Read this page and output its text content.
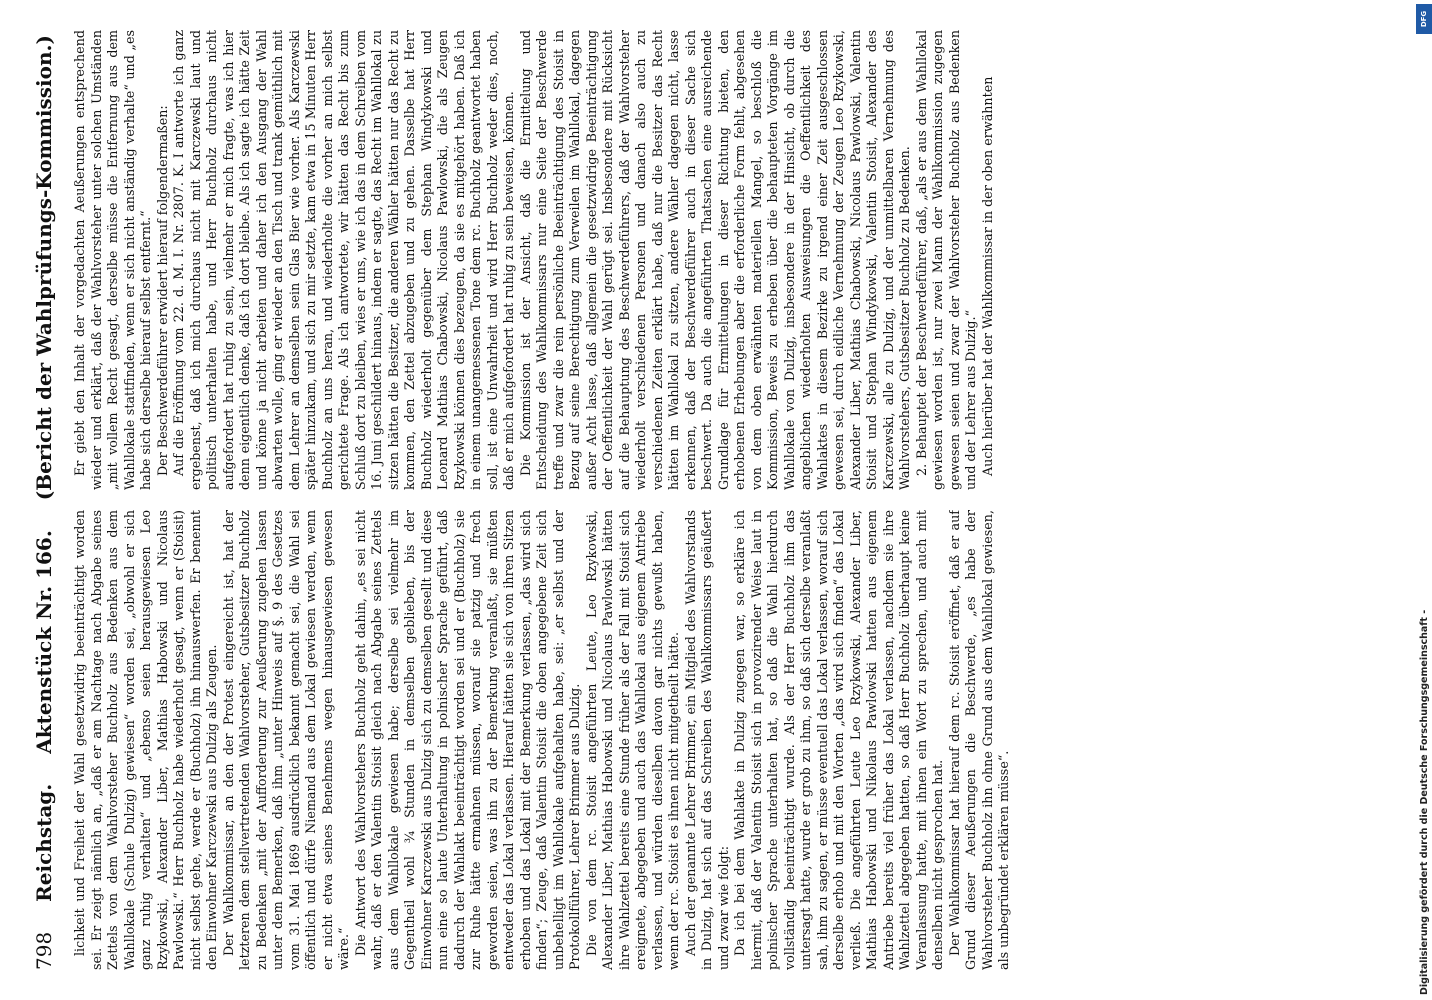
798
Reichstag.
Aktenstück Nr. 166.
(Bericht der Wahlprüfungs-Kommission.)

lichkeit und Freiheit der Wahl gesetzwidrig beeinträchtigt worden sei. Er zeigt nämlich an, „daß er am Nachtage nach Abgabe seines Zettels von dem Wahlvorsteher Buchholz aus Bedenken aus dem Wahllokale (Schule Dulzig) gewiesen“ worden sei, „obwohl er sich ganz ruhig verhalten“ und „ebenso seien herausgewiesen Leo Rzykowski, Alexander Liber, Mathias Habowski und Nicolaus Pawlowski.“ Herr Buchholz habe wiederholt gesagt, wenn er (Stoisit) nicht selbst gehe, werde er (Buchholz) ihn hinauswerfen. Er benennt den Einwohner Karczewski aus Dulzig als Zeugen. Der Wahlkommissar, an den der Protest eingereicht ist, hat der letzteren dem stellvertretenden Wahlvorsteher, Gutsbesitzer Buchholz zu Bedenken „mit der Aufforderung zur Aeußerung zugehen lassen unter dem Bemerken, daß ihm „unter Hinweis auf §. 9 des Gesetzes vom 31. Mai 1869 ausdrücklich bekannt gemacht sei, die Wahl sei öffentlich und dürfe Niemand aus dem Lokal gewiesen werden, wenn er nicht etwa seines Benehmens wegen hinausgewiesen gewesen wäre.“ Die Antwort des Wahlvorstehers Buchholz geht dahin, „es sei nicht wahr, daß er den Valentin Stoisit gleich nach Abgabe seines Zettels aus dem Wahllokale gewiesen habe; derselbe sei vielmehr im Gegentheil wohl ¾ Stunden in demselben geblieben, bis der Einwohner Karczewski aus Dulzig sich zu demselben gesellt und diese nun eine so laute Unterhaltung in polnischer Sprache geführt, daß dadurch der Wahlakt beeinträchtigt worden sei und er (Buchholz) sie zur Ruhe hätte ermahnen müssen, worauf sie patzig und frech geworden seien, was ihn zu der Bemerkung veranlaßt, sie müßten entweder das Lokal verlassen. Hierauf hätten sie sich von ihren Sitzen erhoben und das Lokal mit der Bemerkung verlassen, „das wird sich finden“; Zeuge, daß Valentin Stoisit die oben angegebene Zeit sich unbehelligt im Wahllokale aufgehalten habe, sei: „er selbst und der Protokollführer, Lehrer Brimmer aus Dulzig. Die von dem rc. Stoisit angeführten Leute, Leo Rzykowski, Alexander Liber, Mathias Habowski und Nicolaus Pawlowski hätten ihre Wahlzettel bereits eine Stunde früher als der Fall mit Stoisit sich ereignete, abgegeben und auch das Wahllokal aus eigenem Antriebe verlassen, und würden dieselben davon gar nichts gewußt haben, wenn der rc. Stoisit es ihnen nicht mitgetheilt hätte. Auch der genannte Lehrer Brimmer, ein Mitglied des Wahlvorstands in Dulzig, hat sich auf das Schreiben des Wahlkommissars geäußert und zwar wie folgt: Da ich bei dem Wahlakte in Dulzig zugegen war, so erkläre ich hiermit, daß der Valentin Stoisit sich in provozirender Weise laut in polnischer Sprache unterhalten hat, so daß die Wahl hierdurch vollständig beeinträchtigt wurde. Als der Herr Buchholz ihm das untersagt hatte, wurde er grob zu ihm, so daß sich derselbe veranlaßt sah, ihm zu sagen, er müsse eventuell das Lokal verlassen, worauf sich derselbe erhob und mit den Worten „das wird sich finden“ das Lokal verließ. Die angeführten Leute Leo Rzykowski, Alexander Liber, Mathias Habowski und Nikolaus Pawlowski hatten aus eigenem Antriebe bereits viel früher das Lokal verlassen, nachdem sie ihre Wahlzettel abgegeben hatten, so daß Herr Buchholz überhaupt keine Veranlassung hatte, mit ihnen ein Wort zu sprechen, und auch mit denselben nicht gesprochen hat. Der Wahlkommissar hat hierauf dem rc. Stoisit eröffnet, daß er auf Grund dieser Aeußerungen die Beschwerde, „es habe der Wahlvorsteher Buchholz ihn ohne Grund aus dem Wahllokal gewiesen, als unbegründet erklären müsse“.

Er giebt den Inhalt der vorgedachten Aeußerungen entsprechend wieder und erklärt, daß der Wahlvorsteher unter solchen Umständen „mit vollem Recht gesagt, derselbe müsse die Entfernung aus dem Wahllokale stattfinden, wenn er sich nicht anständig verhalte“ und „es habe sich derselbe hierauf selbst entfernt.“ Der Beschwerdeführer erwidert hierauf folgendermaßen: Auf die Eröffnung vom 22. d. M. I. Nr. 2807. K. I antworte ich ganz ergebenst, daß ich mich durchaus nicht mit Karczewski laut und politisch unterhalten habe, und Herr Buchholz durchaus nicht aufgefordert hat ruhig zu sein, vielmehr er mich fragte, was ich hier denn eigentlich denke, daß ich dort bleibe. Als ich sagte ich hätte Zeit und könne ja nicht arbeiten und daher ich den Ausgang der Wahl abwarten wolle, ging er wieder an den Tisch und trank gemüthlich mit dem Lehrer an demselben sein Glas Bier wie vorher. Als Karczewski später hinzukam, und sich zu mir setzte, kam etwa in 15 Minuten Herr Buchholz an uns heran, und wiederholte die vorher an mich selbst gerichtete Frage. Als ich antwortete, wir hätten das Recht bis zum Schluß dort zu bleiben, wies er uns, wie ich das in dem Schreiben vom 16. Juni geschildert hinaus, indem er sagte, das Recht im Wahllokal zu sitzen hätten die Besitzer, die anderen Wähler hätten nur das Recht zu kommen, den Zettel abzugeben und zu gehen. Dasselbe hat Herr Buchholz wiederholt gegenüber dem Stephan Windykowski und Leonard Mathias Chabowski, Nicolaus Pawlowski, die als Zeugen Rzykowski können dies bezeugen, da sie es mitgehört haben. Daß ich in einem unangemessenen Tone dem rc. Buchholz geantwortet haben soll, ist eine Unwahrheit und wird Herr Buchholz weder dies, noch, daß er mich aufgefordert hat ruhig zu sein beweisen, können. Die Kommission ist der Ansicht, daß die Ermittelung und Entscheidung des Wahlkommissars nur eine Seite der Beschwerde treffe und zwar die rein persönliche Beeinträchtigung des Stoisit in Bezug auf seine Berechtigung zum Verweilen im Wahllokal, dagegen außer Acht lasse, daß allgemein die gesetzwidrige Beeinträchtigung der Oeffentlichkeit der Wahl gerügt sei. Insbesondere mit Rücksicht auf die Behauptung des Beschwerdeführers, daß der Wahlvorsteher wiederholt verschiedenen Personen und danach also auch zu verschiedenen Zeiten erklärt habe, daß nur die Besitzer das Recht hätten im Wahllokal zu sitzen, andere Wähler dagegen nicht, lasse erkennen, daß der Beschwerdeführer auch in dieser Sache sich beschwert. Da auch die angeführten Thatsachen eine ausreichende Grundlage für Ermittelungen in dieser Richtung bieten, den erhobenen Erhebungen aber die erforderliche Form fehlt, abgesehen von dem oben erwähnten materiellen Mangel, so beschloß die Kommission, Beweis zu erheben über die behaupteten Vorgänge im Wahllokale von Dulzig, insbesondere in der Hinsicht, ob durch die angeblichen wiederholten Ausweisungen die Oeffentlichkeit des Wahlaktes in diesem Bezirke zu irgend einer Zeit ausgeschlossen gewesen sei, durch eidliche Vernehmung der Zeugen Leo Rzykowski, Alexander Liber, Mathias Chabowski, Nicolaus Pawlowski, Valentin Stoisit und Stephan Windykowski, Valentin Stoisit, Alexander des Karczewski, alle zu Dulzig, und der unmittelbaren Vernehmung des Wahlvorstehers, Gutsbesitzer Buchholz zu Bedenken. 2. Behauptet der Beschwerdeführer, daß, „als er aus dem Wahllokal gewiesen worden ist, nur zwei Mann der Wahlkommission zugegen gewesen seien und zwar der Wahlvorsteher Buchholz aus Bedenken und der Lehrer aus Dulzig.“ Auch hierüber hat der Wahlkommissar in der oben erwähnten

Digitalisierung gefördert durch die Deutsche Forschungsgemeinschaft -
DFG
